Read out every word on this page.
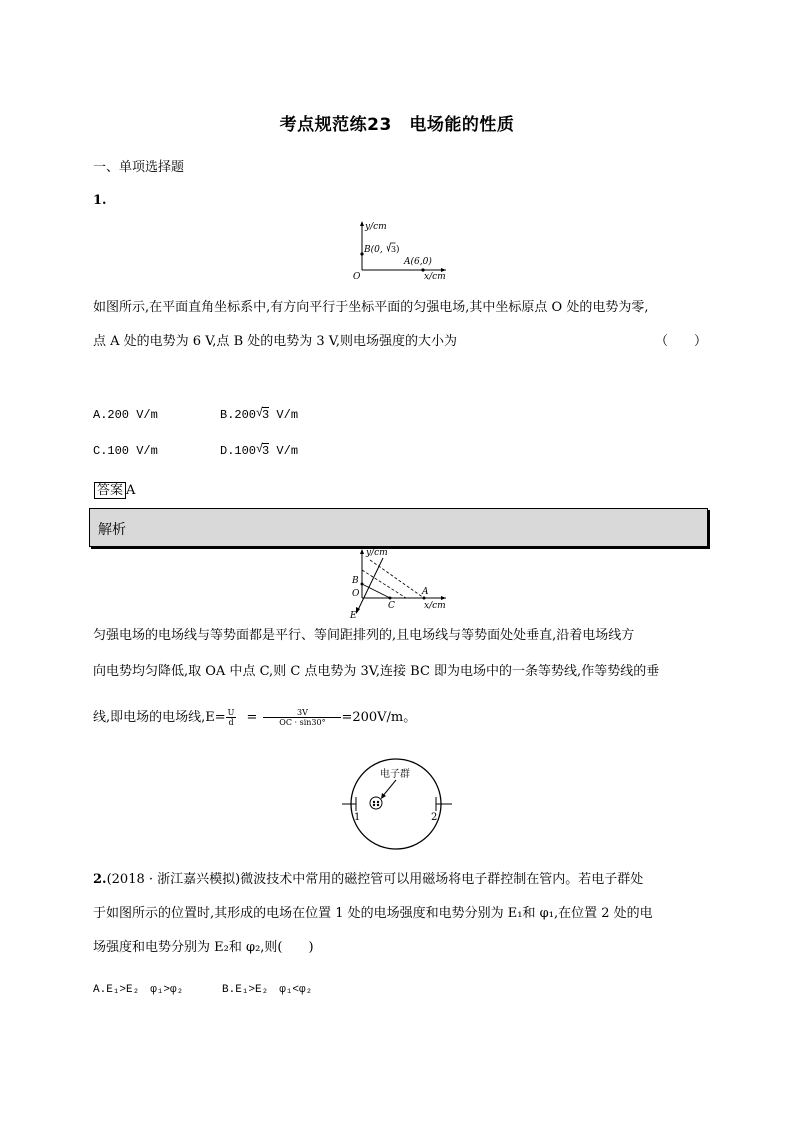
考点规范练23　电场能的性质
一、单项选择题
1.
y/cm
x/cm
O
B(0, 3 )
A(6,0)
如图所示,在平面直角坐标系中,有方向平行于坐标平面的匀强电场,其中坐标原点 O 处的电势为零,
点 A 处的电势为 6 V,点 B 处的电势为 3 V,则电场强度的大小为	（　　）
A.200 V/m	B.200 √
3 V/m
C.100 V/m	D.100 √
3 V/m
答案 A
解析
y/cm
x/cm
B
O	A
C
E
匀强电场的电场线与等势面都是平行、等间距排列的,且电场线与等势面处处垂直,沿着电场线方
向电势均匀降低,取 OA 中点 C,则 C 点电势为 3V,连接 BC 即为电场中的一条等势线,作等势线的垂
线,即电场的电场线$,E= \frac{U}{d} = \frac{3V}{OC \cdot \sin 30^\circ} =200V/m$。
电子群
1	2
2.(2018 · 浙江嘉兴模拟)微波技术中常用的磁控管可以用磁场将电子群控制在管内。若电子群处
于如图所示的位置时,其形成的电场在位置 1 处的电场强度和电势分别为 E₁和 φ₁,在位置 2 处的电
场强度和电势分别为 E₂和 φ₂,则(　　)
A.E₁>E₂　φ₁>φ₂	B.E₁>E₂　φ₁<φ₂
